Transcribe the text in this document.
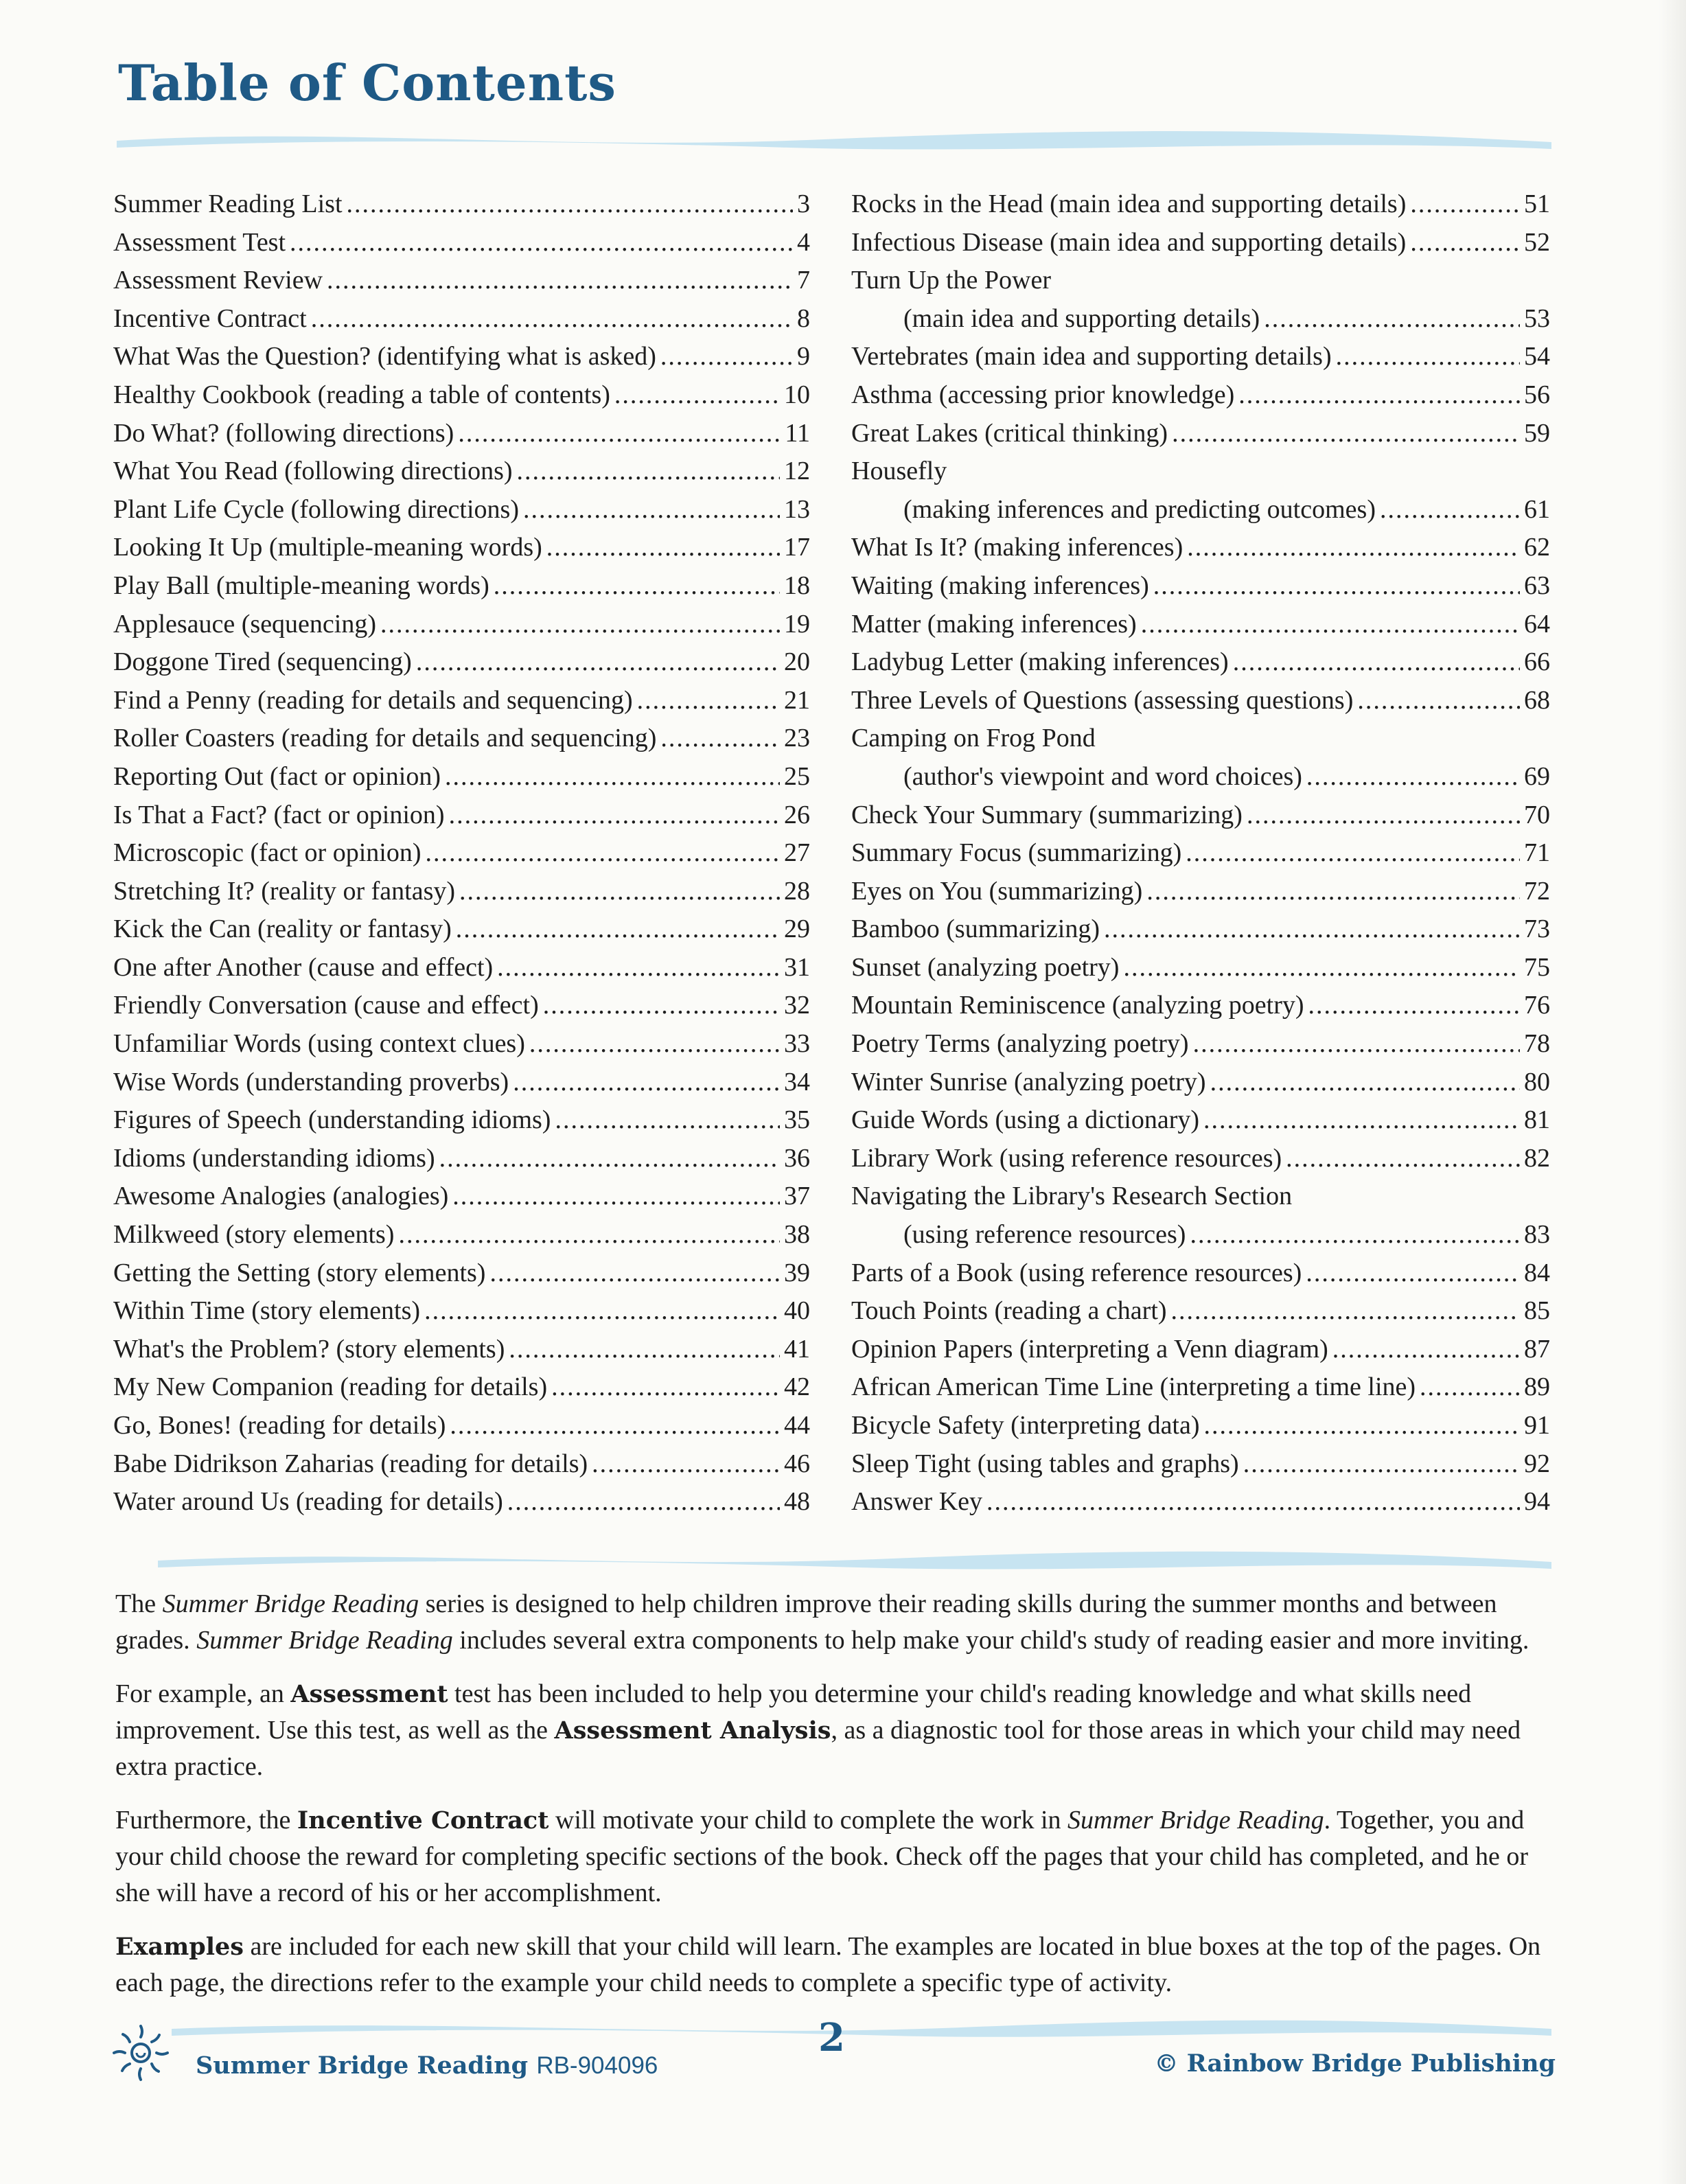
Table of Contents
Summer Reading List .....	3
Assessment Test .....	4
Assessment Review .....	7
Incentive Contract .....	8
What Was the Question? (identifying what is asked) .....	9
Healthy Cookbook (reading a table of contents) .....	10
Do What? (following directions) .....	11
What You Read (following directions) .....	12
Plant Life Cycle (following directions) .....	13
Looking It Up (multiple-meaning words) .....	17
Play Ball (multiple-meaning words) .....	18
Applesauce (sequencing) .....	19
Doggone Tired (sequencing) .....	20
Find a Penny (reading for details and sequencing) .....	21
Roller Coasters (reading for details and sequencing) .....	23
Reporting Out (fact or opinion) .....	25
Is That a Fact? (fact or opinion) .....	26
Microscopic (fact or opinion) .....	27
Stretching It? (reality or fantasy) .....	28
Kick the Can (reality or fantasy) .....	29
One after Another (cause and effect) .....	31
Friendly Conversation (cause and effect) .....	32
Unfamiliar Words (using context clues) .....	33
Wise Words (understanding proverbs) .....	34
Figures of Speech (understanding idioms) .....	35
Idioms (understanding idioms) .....	36
Awesome Analogies (analogies) .....	37
Milkweed (story elements) .....	38
Getting the Setting (story elements) .....	39
Within Time (story elements) .....	40
What's the Problem? (story elements) .....	41
My New Companion (reading for details) .....	42
Go, Bones! (reading for details) .....	44
Babe Didrikson Zaharias (reading for details) .....	46
Water around Us (reading for details) .....	48
Rocks in the Head (main idea and supporting details) .....	51
Infectious Disease (main idea and supporting details) .....	52
Turn Up the Power
(main idea and supporting details) .....	53
Vertebrates (main idea and supporting details) .....	54
Asthma (accessing prior knowledge) .....	56
Great Lakes (critical thinking) .....	59
Housefly
(making inferences and predicting outcomes) .....	61
What Is It? (making inferences) .....	62
Waiting (making inferences) .....	63
Matter (making inferences) .....	64
Ladybug Letter (making inferences) .....	66
Three Levels of Questions (assessing questions) .....	68
Camping on Frog Pond
(author's viewpoint and word choices) .....	69
Check Your Summary (summarizing) .....	70
Summary Focus (summarizing) .....	71
Eyes on You (summarizing) .....	72
Bamboo (summarizing) .....	73
Sunset (analyzing poetry) .....	75
Mountain Reminiscence (analyzing poetry) .....	76
Poetry Terms (analyzing poetry) .....	78
Winter Sunrise (analyzing poetry) .....	80
Guide Words (using a dictionary) .....	81
Library Work (using reference resources) .....	82
Navigating the Library's Research Section
(using reference resources) .....	83
Parts of a Book (using reference resources) .....	84
Touch Points (reading a chart) .....	85
Opinion Papers (interpreting a Venn diagram) .....	87
African American Time Line (interpreting a time line) .....	89
Bicycle Safety (interpreting data) .....	91
Sleep Tight (using tables and graphs) .....	92
Answer Key .....	94

The Summer Bridge Reading series is designed to help children improve their reading skills during the summer months and between grades. Summer Bridge Reading includes several extra components to help make your child's study of reading easier and more inviting.

For example, an Assessment test has been included to help you determine your child's reading knowledge and what skills need improvement. Use this test, as well as the Assessment Analysis, as a diagnostic tool for those areas in which your child may need extra practice.

Furthermore, the Incentive Contract will motivate your child to complete the work in Summer Bridge Reading. Together, you and your child choose the reward for completing specific sections of the book. Check off the pages that your child has completed, and he or she will have a record of his or her accomplishment.

Examples are included for each new skill that your child will learn. The examples are located in blue boxes at the top of the pages. On each page, the directions refer to the example your child needs to complete a specific type of activity.

Summer Bridge Reading RB-904096
2
© Rainbow Bridge Publishing
